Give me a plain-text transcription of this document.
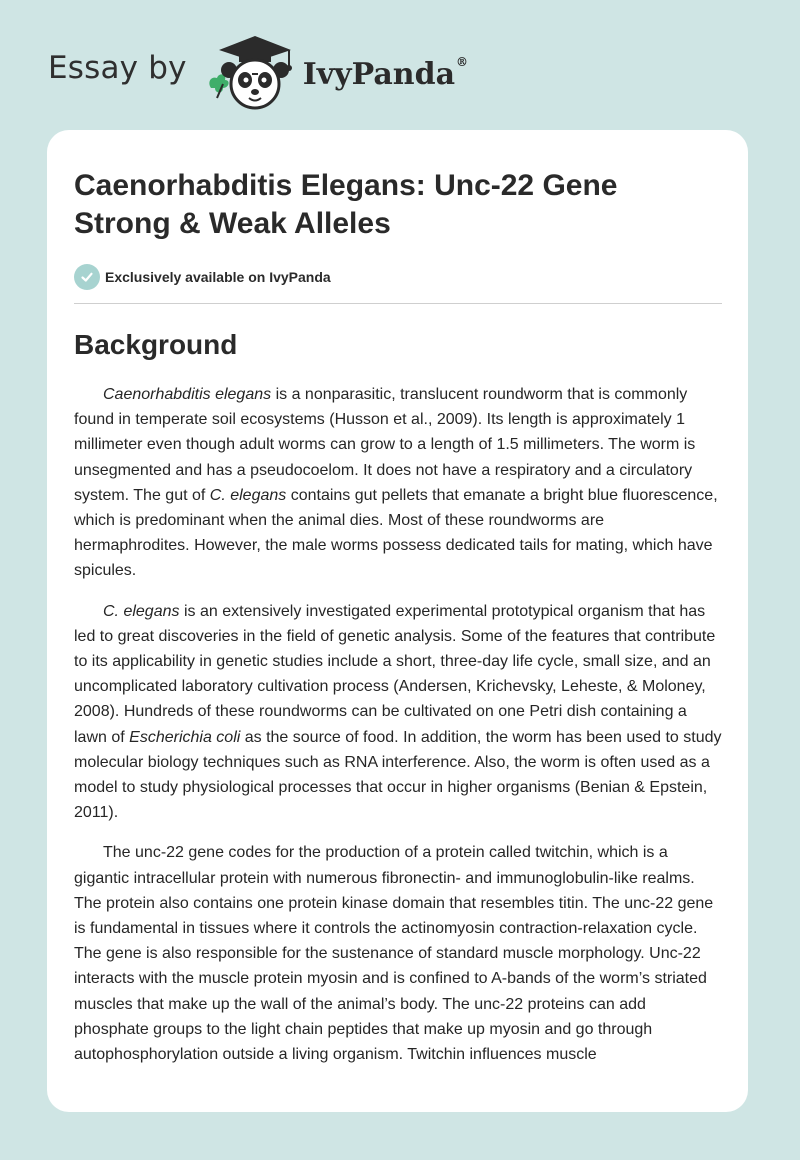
Essay by	IvyPanda®
Caenorhabditis Elegans: Unc-22 Gene Strong & Weak Alleles
Exclusively available on IvyPanda
Background

Caenorhabditis elegans is a nonparasitic, translucent roundworm that is commonly found in temperate soil ecosystems (Husson et al., 2009). Its length is approximately 1 millimeter even though adult worms can grow to a length of 1.5 millimeters. The worm is unsegmented and has a pseudocoelom. It does not have a respiratory and a circulatory system. The gut of C. elegans contains gut pellets that emanate a bright blue fluorescence, which is predominant when the animal dies. Most of these roundworms are hermaphrodites. However, the male worms possess dedicated tails for mating, which have spicules.

C. elegans is an extensively investigated experimental prototypical organism that has led to great discoveries in the field of genetic analysis. Some of the features that contribute to its applicability in genetic studies include a short, three-day life cycle, small size, and an uncomplicated laboratory cultivation process (Andersen, Krichevsky, Leheste, & Moloney, 2008). Hundreds of these roundworms can be cultivated on one Petri dish containing a lawn of Escherichia coli as the source of food. In addition, the worm has been used to study molecular biology techniques such as RNA interference. Also, the worm is often used as a model to study physiological processes that occur in higher organisms (Benian & Epstein, 2011).

The unc-22 gene codes for the production of a protein called twitchin, which is a gigantic intracellular protein with numerous fibronectin- and immunoglobulin-like realms. The protein also contains one protein kinase domain that resembles titin. The unc-22 gene is fundamental in tissues where it controls the actinomyosin contraction-relaxation cycle. The gene is also responsible for the sustenance of standard muscle morphology. Unc-22 interacts with the muscle protein myosin and is confined to A-bands of the worm’s striated muscles that make up the wall of the animal’s body. The unc-22 proteins can add phosphate groups to the light chain peptides that make up myosin and go through autophosphorylation outside a living organism. Twitchin influences muscle
